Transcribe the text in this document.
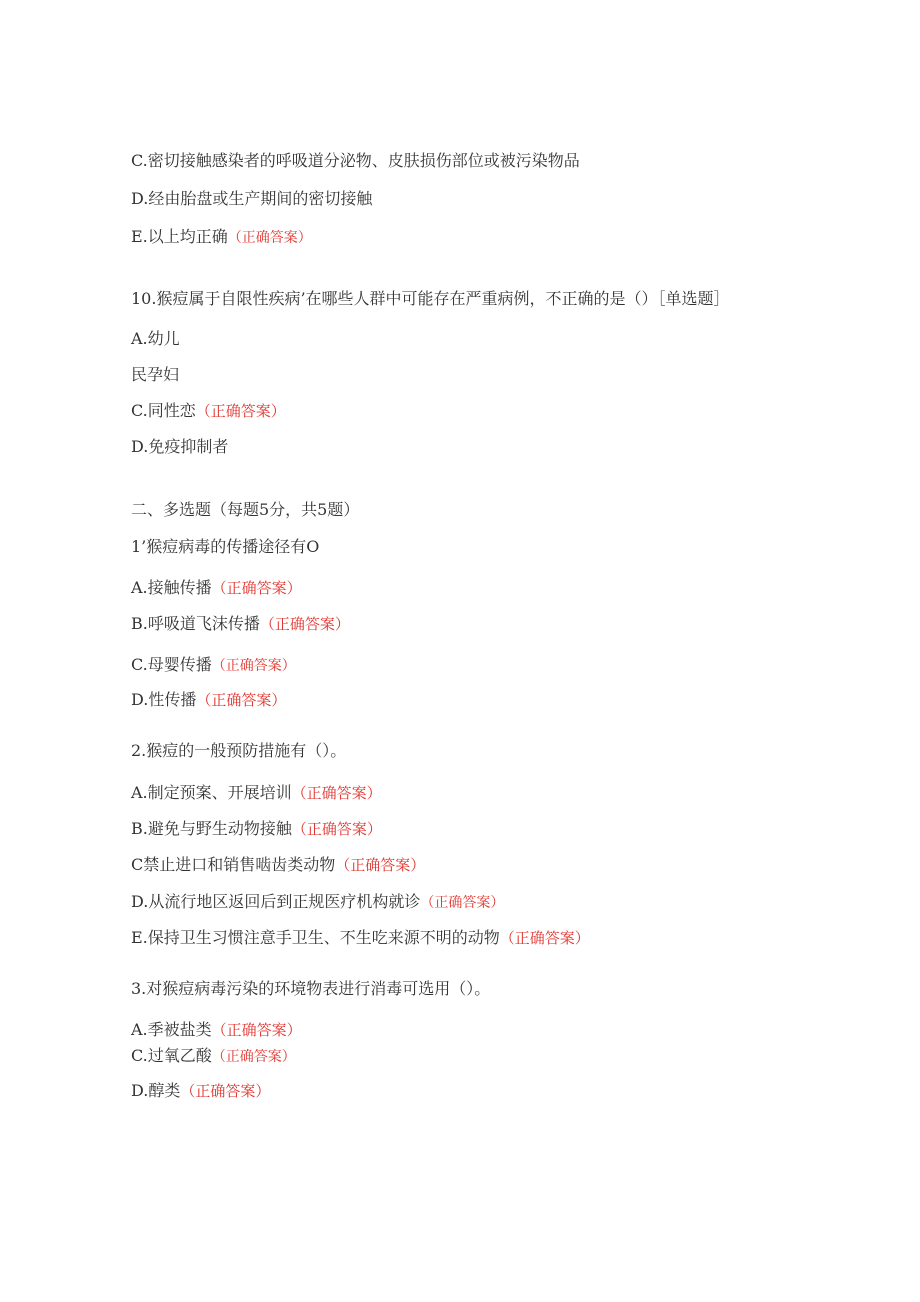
C.密切接触感染者的呼吸道分泌物、皮肤损伤部位或被污染物品
D.经由胎盘或生产期间的密切接触
E.以上均正确（正确答案）
10.猴痘属于自限性疾病’在哪些人群中可能存在严重病例，不正确的是（）［单选题］
A.幼儿
民孕妇
C.同性恋（正确答案）
D.免疫抑制者
二、多选题（每题5分，共5题）
1’猴痘病毒的传播途径有O
A.接触传播（正确答案）
B.呼吸道飞沫传播（正确答案）
C.母婴传播（正确答案）
D.性传播（正确答案）
2.猴痘的一般预防措施有（）。
A.制定预案、开展培训（正确答案）
B.避免与野生动物接触（正确答案）
C禁止进口和销售啮齿类动物（正确答案）
D.从流行地区返回后到正规医疗机构就诊（正确答案）
E.保持卫生习惯注意手卫生、不生吃来源不明的动物（正确答案）
3.对猴痘病毒污染的环境物表进行消毒可选用（）。
A.季被盐类（正确答案）
C.过氧乙酸（正确答案）
D.醇类（正确答案）
